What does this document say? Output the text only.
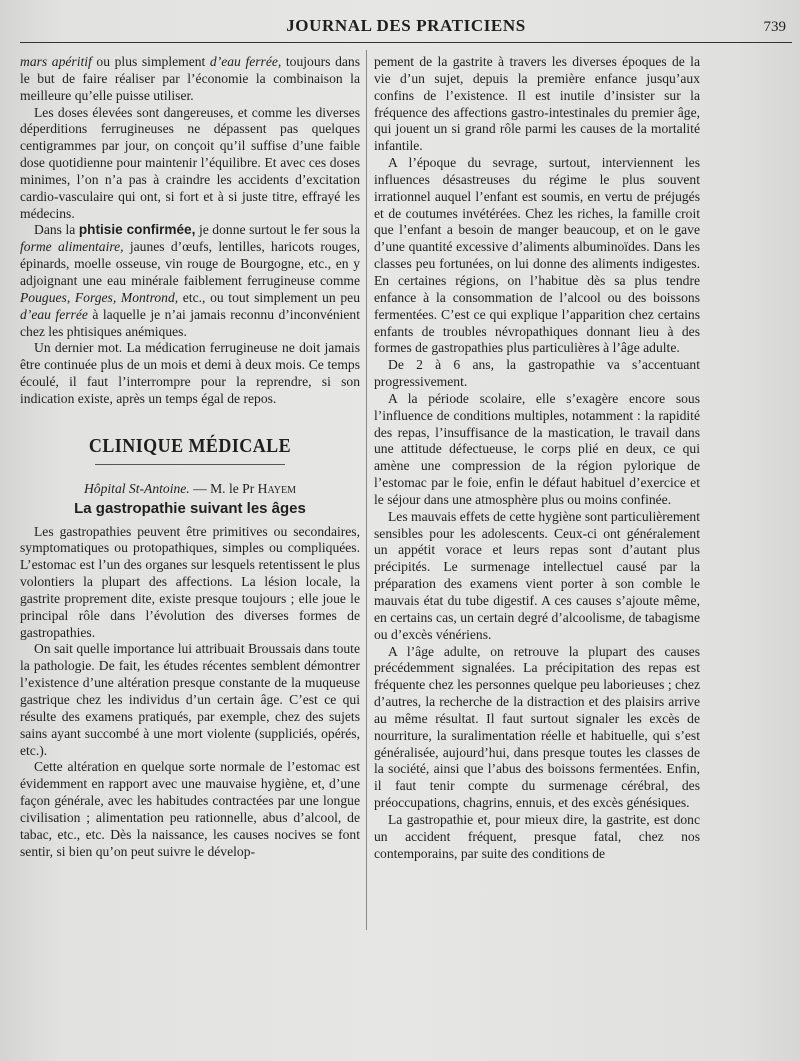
JOURNAL DES PRATICIENS	739

mars apéritif ou plus simplement d’eau ferrée, toujours dans le but de faire réaliser par l’économie la combinaison la meilleure qu’elle puisse utiliser.

Les doses élevées sont dangereuses, et comme les diverses déperditions ferrugineuses ne dépassent pas quelques centigrammes par jour, on conçoit qu’il suffise d’une faible dose quotidienne pour maintenir l’équilibre. Et avec ces doses minimes, l’on n’a pas à craindre les accidents d’excitation cardio-vasculaire qui ont, si fort et à si juste titre, effrayé les médecins.

Dans la phtisie confirmée, je donne surtout le fer sous la forme alimentaire, jaunes d’œufs, lentilles, haricots rouges, épinards, moelle osseuse, vin rouge de Bourgogne, etc., en y adjoignant une eau minérale faiblement ferrugineuse comme Pougues, Forges, Montrond, etc., ou tout simplement un peu d’eau ferrée à laquelle je n’ai jamais reconnu d’inconvénient chez les phtisiques anémiques.

Un dernier mot. La médication ferrugineuse ne doit jamais être continuée plus de un mois et demi à deux mois. Ce temps écoulé, il faut l’interrompre pour la reprendre, si son indication existe, après un temps égal de repos.

CLINIQUE MÉDICALE
Hôpital St-Antoine. — M. le Pr Hayem
La gastropathie suivant les âges

Les gastropathies peuvent être primitives ou secondaires, symptomatiques ou protopathiques, simples ou compliquées. L’estomac est l’un des organes sur lesquels retentissent le plus volontiers la plupart des affections. La lésion locale, la gastrite proprement dite, existe presque toujours ; elle joue le principal rôle dans l’évolution des diverses formes de gastropathies.

On sait quelle importance lui attribuait Broussais dans toute la pathologie. De fait, les études récentes semblent démontrer l’existence d’une altération presque constante de la muqueuse gastrique chez les individus d’un certain âge. C’est ce qui résulte des examens pratiqués, par exemple, chez des sujets sains ayant succombé à une mort violente (suppliciés, opérés, etc.).

Cette altération en quelque sorte normale de l’estomac est évidemment en rapport avec une mauvaise hygiène, et, d’une façon générale, avec les habitudes contractées par une longue civilisation ; alimentation peu rationnelle, abus d’alcool, de tabac, etc., etc. Dès la naissance, les causes nocives se font sentir, si bien qu’on peut suivre le dévelop-

pement de la gastrite à travers les diverses époques de la vie d’un sujet, depuis la première enfance jusqu’aux confins de l’existence. Il est inutile d’insister sur la fréquence des affections gastro-intestinales du premier âge, qui jouent un si grand rôle parmi les causes de la mortalité infantile.

A l’époque du sevrage, surtout, interviennent les influences désastreuses du régime le plus souvent irrationnel auquel l’enfant est soumis, en vertu de préjugés et de coutumes invétérées. Chez les riches, la famille croit que l’enfant a besoin de manger beaucoup, et on le gave d’une quantité excessive d’aliments albuminoïdes. Dans les classes peu fortunées, on lui donne des aliments indigestes. En certaines régions, on l’habitue dès sa plus tendre enfance à la consommation de l’alcool ou des boissons fermentées. C’est ce qui explique l’apparition chez certains enfants de troubles névropathiques donnant lieu à des formes de gastropathies plus particulières à l’âge adulte.

De 2 à 6 ans, la gastropathie va s’accentuant progressivement.

A la période scolaire, elle s’exagère encore sous l’influence de conditions multiples, notamment : la rapidité des repas, l’insuffisance de la mastication, le travail dans une attitude défectueuse, le corps plié en deux, ce qui amène une compression de la région pylorique de l’estomac par le foie, enfin le défaut habituel d’exercice et le séjour dans une atmosphère plus ou moins confinée.

Les mauvais effets de cette hygiène sont particulièrement sensibles pour les adolescents. Ceux-ci ont généralement un appétit vorace et leurs repas sont d’autant plus précipités. Le surmenage intellectuel causé par la préparation des examens vient porter à son comble le mauvais état du tube digestif. A ces causes s’ajoute même, en certains cas, un certain degré d’alcoolisme, de tabagisme ou d’excès vénériens.

A l’âge adulte, on retrouve la plupart des causes précédemment signalées. La précipitation des repas est fréquente chez les personnes quelque peu laborieuses ; chez d’autres, la recherche de la distraction et des plaisirs arrive au même résultat. Il faut surtout signaler les excès de nourriture, la suralimentation réelle et habituelle, qui s’est généralisée, aujourd’hui, dans presque toutes les classes de la société, ainsi que l’abus des boissons fermentées. Enfin, il faut tenir compte du surmenage cérébral, des préoccupations, chagrins, ennuis, et des excès génésiques.

La gastropathie et, pour mieux dire, la gastrite, est donc un accident fréquent, presque fatal, chez nos contemporains, par suite des conditions de
